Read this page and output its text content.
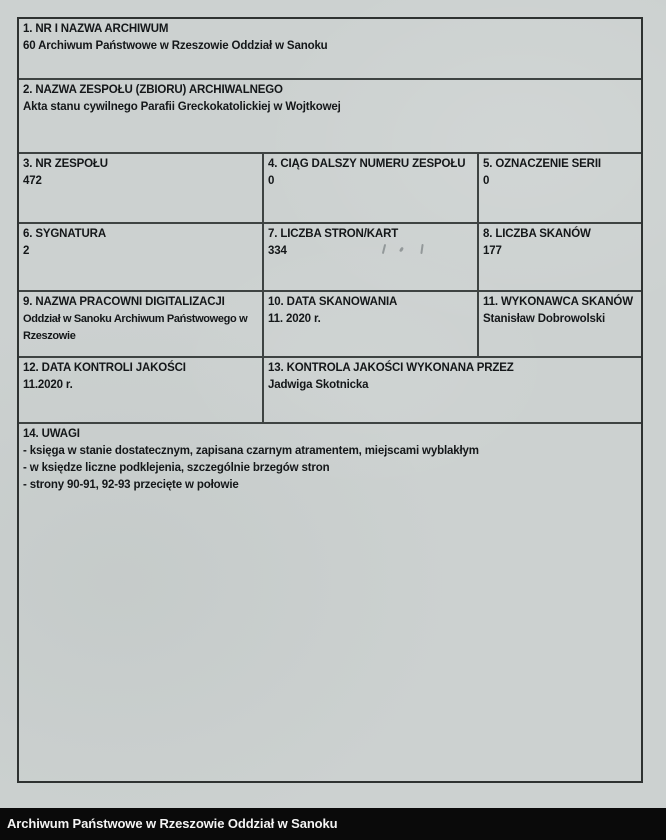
1. NR I NAZWA ARCHIWUM
60 Archiwum Państwowe w Rzeszowie Oddział w Sanoku
2. NAZWA ZESPOŁU (ZBIORU) ARCHIWALNEGO
Akta stanu cywilnego Parafii Greckokatolickiej w Wojtkowej
3. NR ZESPOŁU
472
4. CIĄG DALSZY NUMERU ZESPOŁU
0
5. OZNACZENIE SERII
0
6. SYGNATURA
2
7. LICZBA STRON/KART
334
8. LICZBA SKANÓW
177
9. NAZWA PRACOWNI DIGITALIZACJI
Oddział w Sanoku Archiwum Państwowego w Rzeszowie
10. DATA SKANOWANIA
11. 2020 r.
11. WYKONAWCA SKANÓW
Stanisław Dobrowolski
12. DATA KONTROLI JAKOŚCI
11.2020 r.
13. KONTROLA JAKOŚCI WYKONANA PRZEZ
Jadwiga Skotnicka
14. UWAGI
- księga w stanie dostatecznym, zapisana czarnym atramentem, miejscami wyblakłym
- w księdze liczne podklejenia, szczególnie brzegów stron
- strony 90-91, 92-93 przecięte w połowie
Archiwum Państwowe w Rzeszowie Oddział w Sanoku
